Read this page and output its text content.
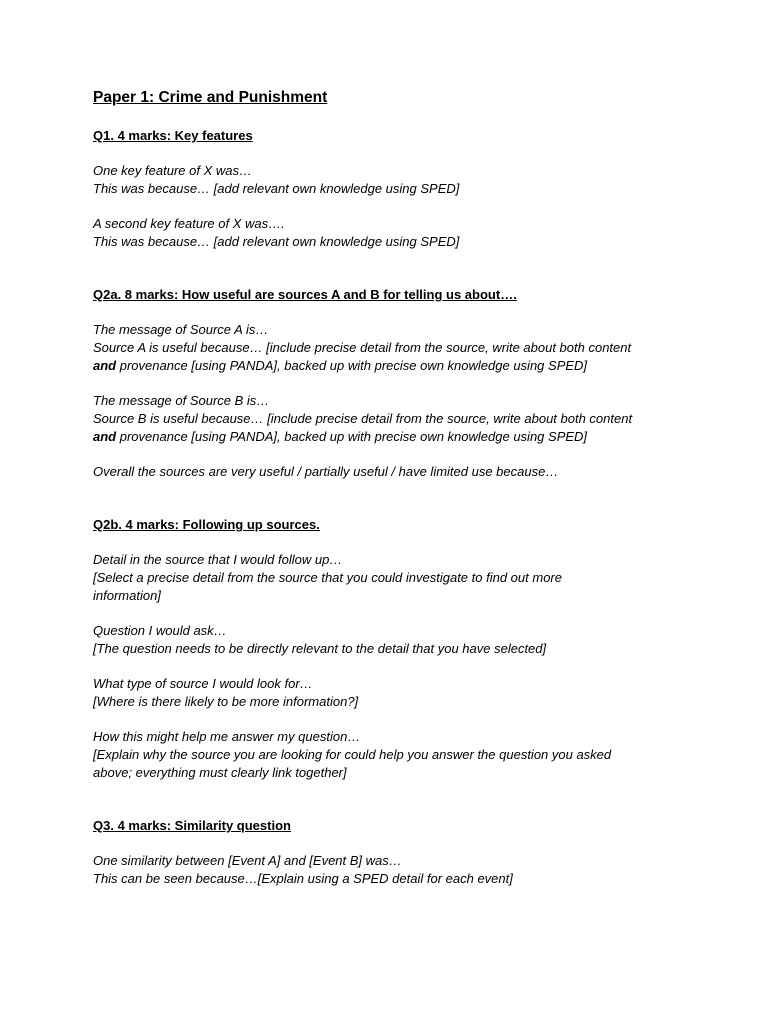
Paper 1: Crime and Punishment
Q1. 4 marks: Key features
One key feature of X was…
This was because… [add relevant own knowledge using SPED]
A second key feature of X was….
This was because… [add relevant own knowledge using SPED]
Q2a. 8 marks: How useful are sources A and B for telling us about….
The message of Source A is…
Source A is useful because… [include precise detail from the source, write about both content
and provenance [using PANDA], backed up with precise own knowledge using SPED]
The message of Source B is…
Source B is useful because… [include precise detail from the source, write about both content
and provenance [using PANDA], backed up with precise own knowledge using SPED]
Overall the sources are very useful / partially useful / have limited use because…
Q2b. 4 marks: Following up sources.
Detail in the source that I would follow up…
[Select a precise detail from the source that you could investigate to find out more
information]
Question I would ask…
[The question needs to be directly relevant to the detail that you have selected]
What type of source I would look for…
[Where is there likely to be more information?]
How this might help me answer my question…
[Explain why the source you are looking for could help you answer the question you asked
above; everything must clearly link together]
Q3. 4 marks: Similarity question
One similarity between [Event A] and [Event B] was…
This can be seen because…[Explain using a SPED detail for each event]
